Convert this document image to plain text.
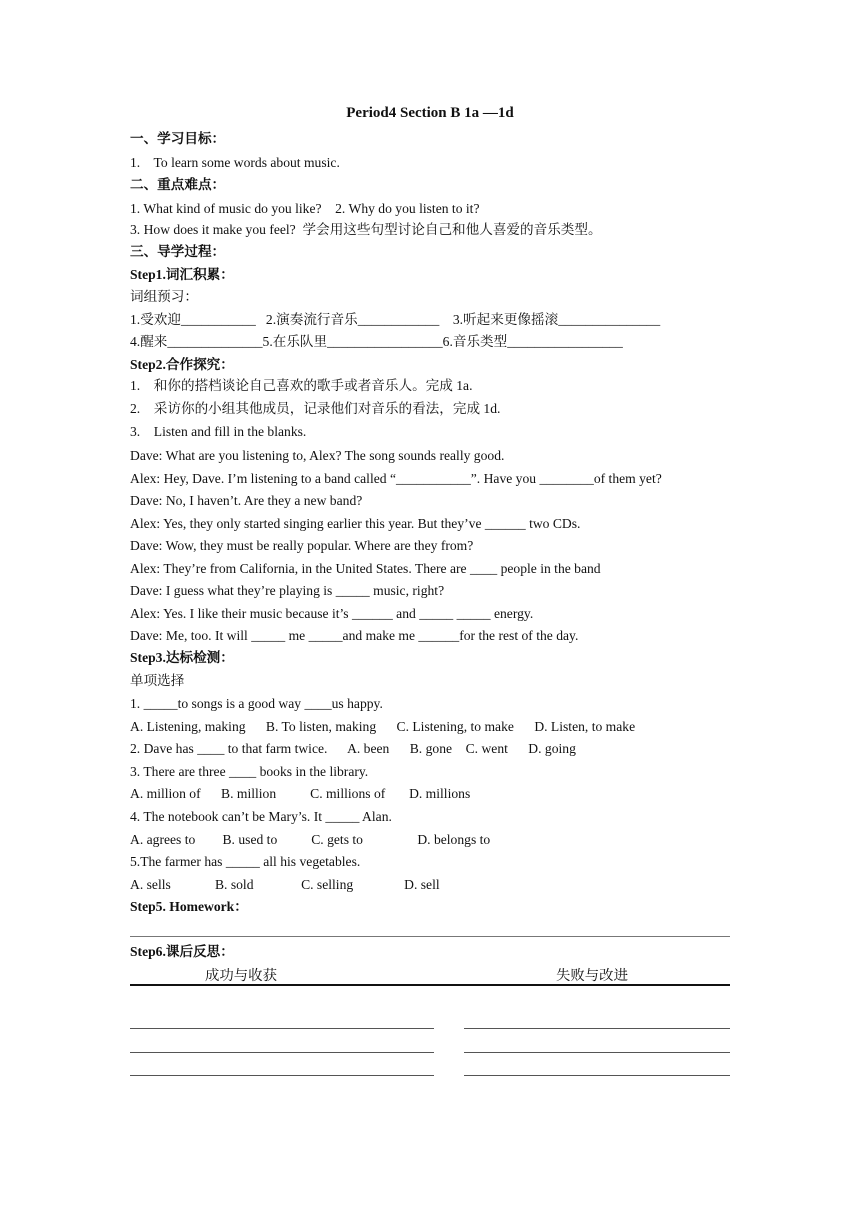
Period4 Section B 1a —1d
一、学习目标：
1.    To learn some words about music.
二、重点难点：
1. What kind of music do you like?    2. Why do you listen to it?
3. How does it make you feel?  学会用这些句型讨论自己和他人喜爱的音乐类型。
三、导学过程：
Step1.词汇积累：
词组预习：
1.受欢迎___________   2.演奏流行音乐____________    3.听起来更像摇滚_______________
4.醒来______________5.在乐队里_________________6.音乐类型_________________
Step2.合作探究：
1.    和你的搭档谈论自己喜欢的歌手或者音乐人。完成 1a.
2.    采访你的小组其他成员，记录他们对音乐的看法，完成 1d.
3.    Listen and fill in the blanks.
Dave: What are you listening to, Alex? The song sounds really good.
Alex: Hey, Dave. I’m listening to a band called “___________”. Have you ________of them yet?
Dave: No, I haven’t. Are they a new band?
Alex: Yes, they only started singing earlier this year. But they’ve ______ two CDs.
Dave: Wow, they must be really popular. Where are they from?
Alex: They’re from California, in the United States. There are ____ people in the band
Dave: I guess what they’re playing is _____ music, right?
Alex: Yes. I like their music because it’s ______ and _____ _____ energy.
Dave: Me, too. It will _____ me _____and make me ______for the rest of the day.
Step3.达标检测：
单项选择
1. _____to songs is a good way ____us happy.
A. Listening, making      B. To listen, making      C. Listening, to make      D. Listen, to make
2. Dave has ____ to that farm twice.      A. been      B. gone    C. went      D. going
3. There are three ____ books in the library.
A. million of      B. million          C. millions of       D. millions
4. The notebook can’t be Mary’s. It _____ Alan.
A. agrees to        B. used to          C. gets to                D. belongs to
5.The farmer has _____ all his vegetables.
A. sells             B. sold              C. selling               D. sell
Step5. Homework：
Step6.课后反思：
成功与收获	失败与改进
